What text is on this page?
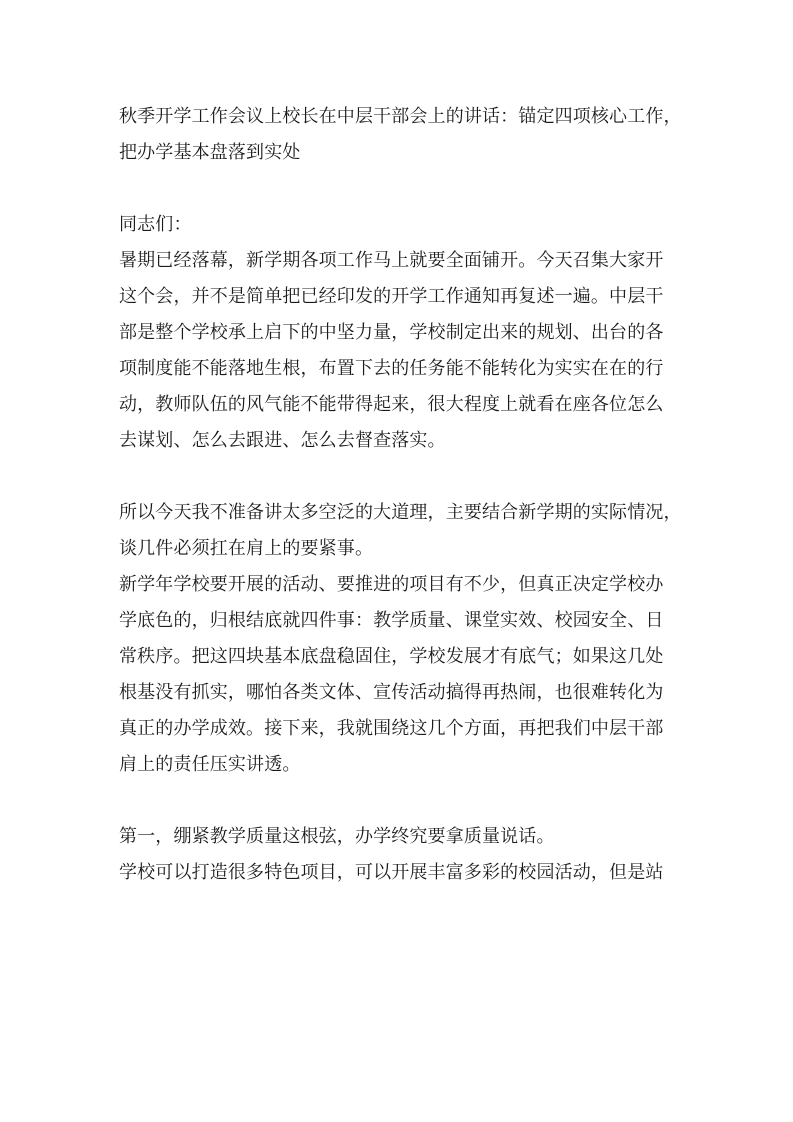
秋季开学工作会议上校长在中层干部会上的讲话：锚定四项核心工作，
把办学基本盘落到实处
同志们：
暑期已经落幕，新学期各项工作马上就要全面铺开。今天召集大家开
这个会，并不是简单把已经印发的开学工作通知再复述一遍。中层干
部是整个学校承上启下的中坚力量，学校制定出来的规划、出台的各
项制度能不能落地生根，布置下去的任务能不能转化为实实在在的行
动，教师队伍的风气能不能带得起来，很大程度上就看在座各位怎么
去谋划、怎么去跟进、怎么去督查落实。
所以今天我不准备讲太多空泛的大道理，主要结合新学期的实际情况，
谈几件必须扛在肩上的要紧事。
新学年学校要开展的活动、要推进的项目有不少，但真正决定学校办
学底色的，归根结底就四件事：教学质量、课堂实效、校园安全、日
常秩序。把这四块基本底盘稳固住，学校发展才有底气；如果这几处
根基没有抓实，哪怕各类文体、宣传活动搞得再热闹，也很难转化为
真正的办学成效。接下来，我就围绕这几个方面，再把我们中层干部
肩上的责任压实讲透。
第一，绷紧教学质量这根弦，办学终究要拿质量说话。
学校可以打造很多特色项目，可以开展丰富多彩的校园活动，但是站
